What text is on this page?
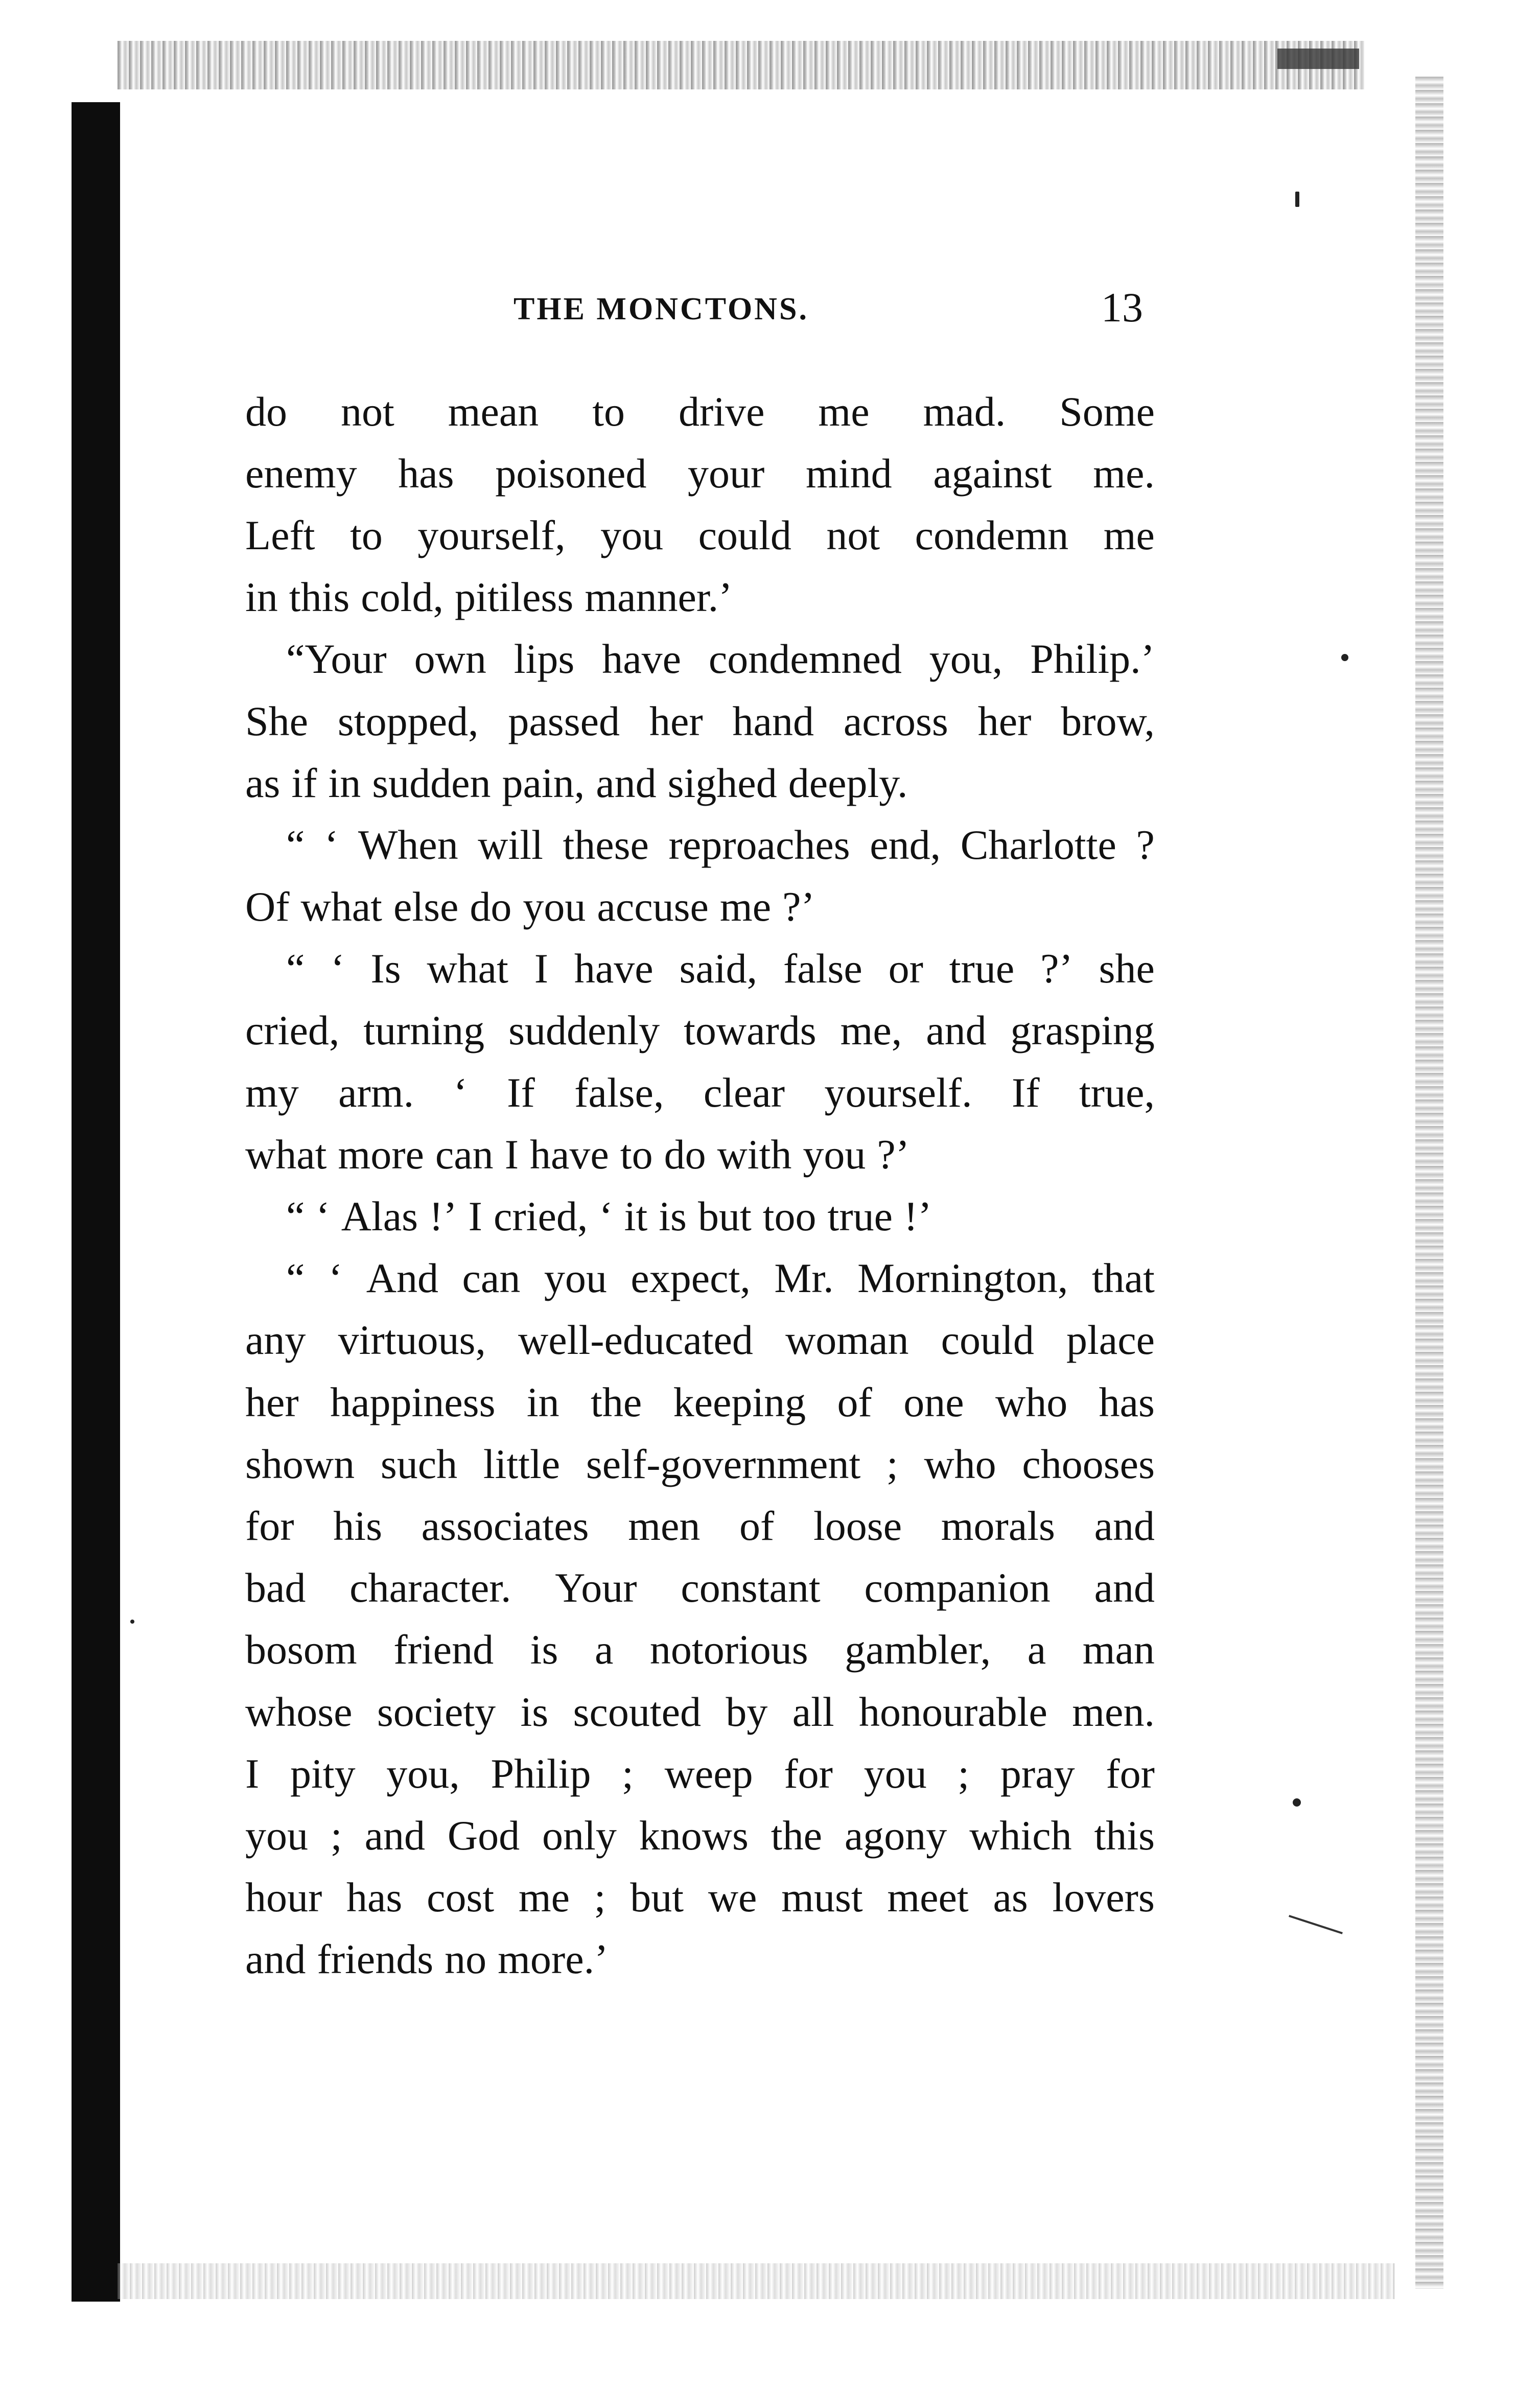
THE MONCTONS.	13
do not mean to drive me mad. Some
enemy has poisoned your mind against me.
Left to yourself, you could not condemn me
in this cold, pitiless manner.’
“Your own lips have condemned you, Philip.’
She stopped, passed her hand across her brow,
as if in sudden pain, and sighed deeply.
“ ‘ When will these reproaches end, Charlotte ?
Of what else do you accuse me ?’
“ ‘ Is what I have said, false or true ?’ she
cried, turning suddenly towards me, and grasping
my arm. ‘ If false, clear yourself. If true,
what more can I have to do with you ?’
“ ‘ Alas !’ I cried, ‘ it is but too true !’
“ ‘ And can you expect, Mr. Mornington, that
any virtuous, well-educated woman could place
her happiness in the keeping of one who has
shown such little self-government ; who chooses
for his associates men of loose morals and
bad character. Your constant companion and
bosom friend is a notorious gambler, a man
whose society is scouted by all honourable men.
I pity you, Philip ; weep for you ; pray for
you ; and God only knows the agony which this
hour has cost me ; but we must meet as lovers
and friends no more.’
